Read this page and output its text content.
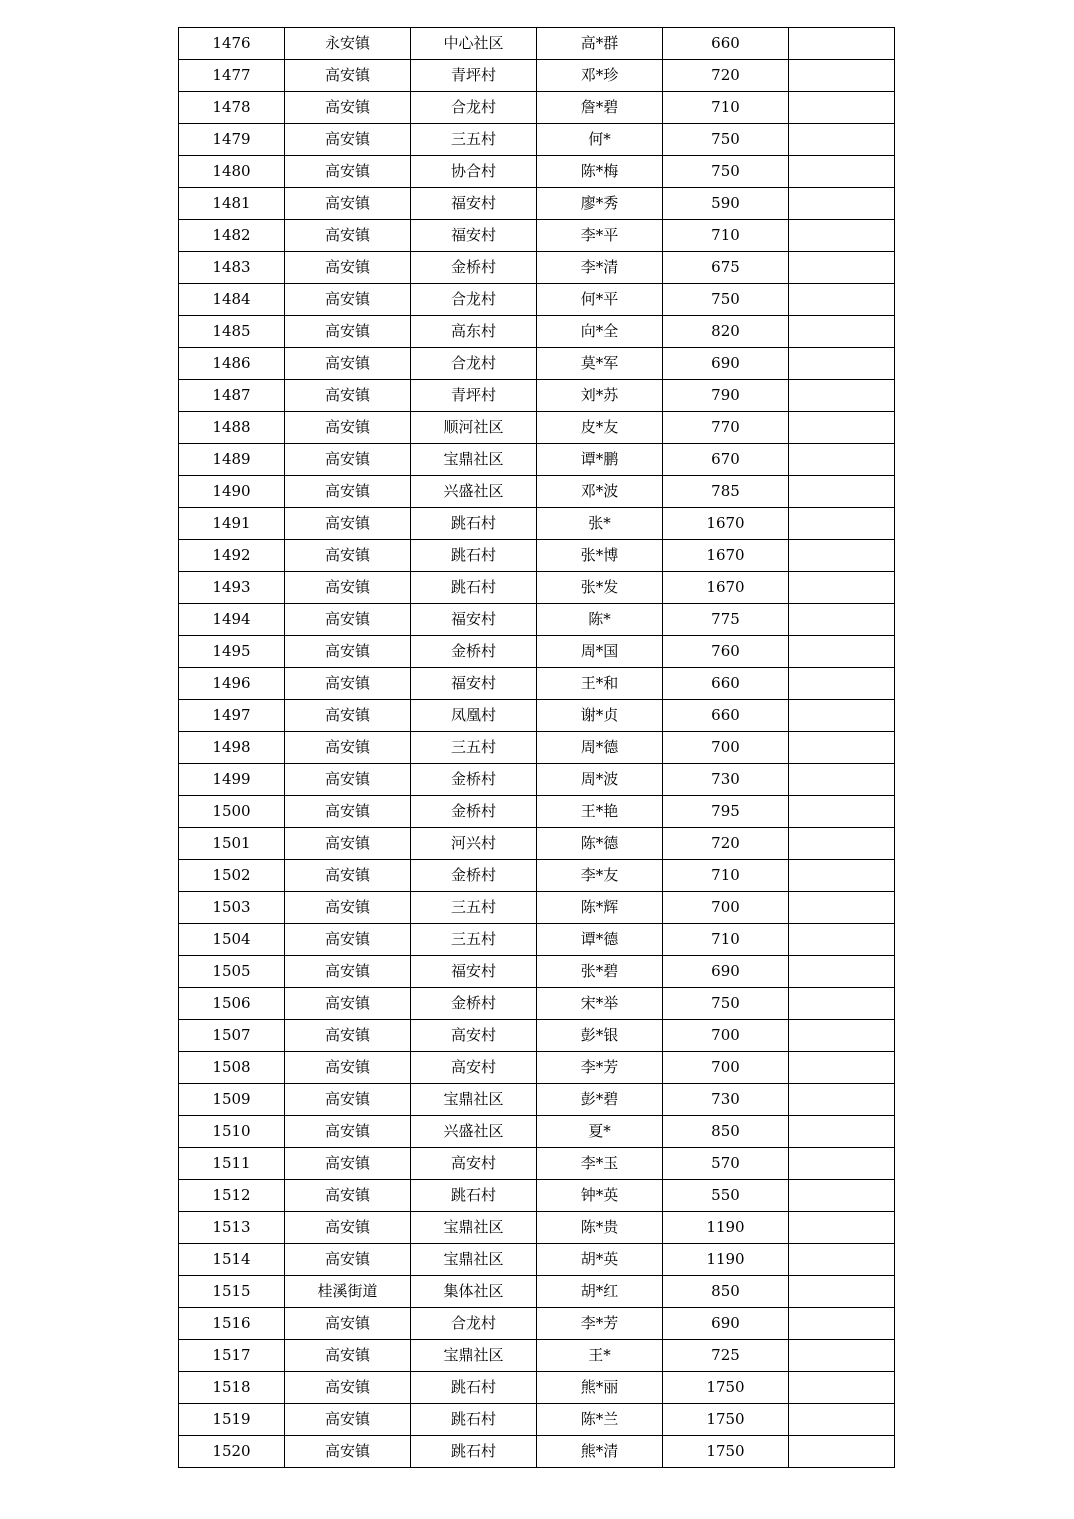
1476	永安镇	中心社区	高*群	660	
1477	高安镇	青坪村	邓*珍	720	
1478	高安镇	合龙村	詹*碧	710	
1479	高安镇	三五村	何*	750	
1480	高安镇	协合村	陈*梅	750	
1481	高安镇	福安村	廖*秀	590	
1482	高安镇	福安村	李*平	710	
1483	高安镇	金桥村	李*清	675	
1484	高安镇	合龙村	何*平	750	
1485	高安镇	高东村	向*全	820	
1486	高安镇	合龙村	莫*军	690	
1487	高安镇	青坪村	刘*苏	790	
1488	高安镇	顺河社区	皮*友	770	
1489	高安镇	宝鼎社区	谭*鹏	670	
1490	高安镇	兴盛社区	邓*波	785	
1491	高安镇	跳石村	张*	1670	
1492	高安镇	跳石村	张*博	1670	
1493	高安镇	跳石村	张*发	1670	
1494	高安镇	福安村	陈*	775	
1495	高安镇	金桥村	周*国	760	
1496	高安镇	福安村	王*和	660	
1497	高安镇	凤凰村	谢*贞	660	
1498	高安镇	三五村	周*德	700	
1499	高安镇	金桥村	周*波	730	
1500	高安镇	金桥村	王*艳	795	
1501	高安镇	河兴村	陈*德	720	
1502	高安镇	金桥村	李*友	710	
1503	高安镇	三五村	陈*辉	700	
1504	高安镇	三五村	谭*德	710	
1505	高安镇	福安村	张*碧	690	
1506	高安镇	金桥村	宋*举	750	
1507	高安镇	高安村	彭*银	700	
1508	高安镇	高安村	李*芳	700	
1509	高安镇	宝鼎社区	彭*碧	730	
1510	高安镇	兴盛社区	夏*	850	
1511	高安镇	高安村	李*玉	570	
1512	高安镇	跳石村	钟*英	550	
1513	高安镇	宝鼎社区	陈*贵	1190	
1514	高安镇	宝鼎社区	胡*英	1190	
1515	桂溪街道	集体社区	胡*红	850	
1516	高安镇	合龙村	李*芳	690	
1517	高安镇	宝鼎社区	王*	725	
1518	高安镇	跳石村	熊*丽	1750	
1519	高安镇	跳石村	陈*兰	1750	
1520	高安镇	跳石村	熊*清	1750	
